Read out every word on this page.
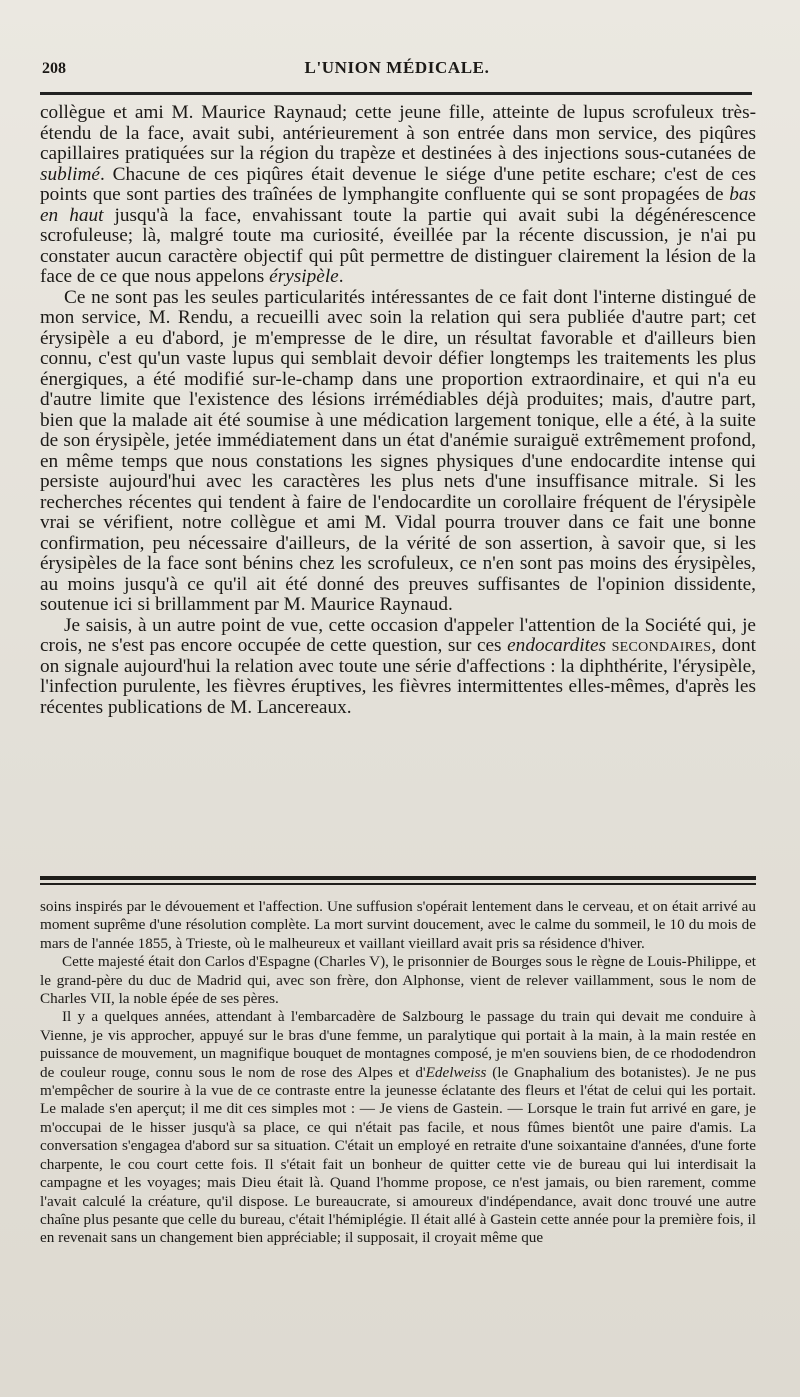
208	L'UNION MÉDICALE.

collègue et ami M. Maurice Raynaud; cette jeune fille, atteinte de lupus scrofuleux très-étendu de la face, avait subi, antérieurement à son entrée dans mon service, des piqûres capillaires pratiquées sur la région du trapèze et destinées à des injections sous-cutanées de sublimé. Chacune de ces piqûres était devenue le siége d'une petite eschare; c'est de ces points que sont parties des traînées de lymphangite confluente qui se sont propagées de bas en haut jusqu'à la face, envahissant toute la partie qui avait subi la dégénérescence scrofuleuse; là, malgré toute ma curiosité, éveillée par la récente discussion, je n'ai pu constater aucun caractère objectif qui pût permettre de distinguer clairement la lésion de la face de ce que nous appelons érysipèle.

Ce ne sont pas les seules particularités intéressantes de ce fait dont l'interne distingué de mon service, M. Rendu, a recueilli avec soin la relation qui sera publiée d'autre part; cet érysipèle a eu d'abord, je m'empresse de le dire, un résultat favorable et d'ailleurs bien connu, c'est qu'un vaste lupus qui semblait devoir défier longtemps les traitements les plus énergiques, a été modifié sur-le-champ dans une proportion extraordinaire, et qui n'a eu d'autre limite que l'existence des lésions irrémédiables déjà produites; mais, d'autre part, bien que la malade ait été soumise à une médication largement tonique, elle a été, à la suite de son érysipèle, jetée immédiatement dans un état d'anémie suraiguë extrêmement profond, en même temps que nous constations les signes physiques d'une endocardite intense qui persiste aujourd'hui avec les caractères les plus nets d'une insuffisance mitrale. Si les recherches récentes qui tendent à faire de l'endocardite un corollaire fréquent de l'érysipèle vrai se vérifient, notre collègue et ami M. Vidal pourra trouver dans ce fait une bonne confirmation, peu nécessaire d'ailleurs, de la vérité de son assertion, à savoir que, si les érysipèles de la face sont bénins chez les scrofuleux, ce n'en sont pas moins des érysipèles, au moins jusqu'à ce qu'il ait été donné des preuves suffisantes de l'opinion dissidente, soutenue ici si brillamment par M. Maurice Raynaud.

Je saisis, à un autre point de vue, cette occasion d'appeler l'attention de la Société qui, je crois, ne s'est pas encore occupée de cette question, sur ces endocardites secondaires, dont on signale aujourd'hui la relation avec toute une série d'affections : la diphthérite, l'érysipèle, l'infection purulente, les fièvres éruptives, les fièvres intermittentes elles-mêmes, d'après les récentes publications de M. Lancereaux.

soins inspirés par le dévouement et l'affection. Une suffusion s'opérait lentement dans le cerveau, et on était arrivé au moment suprême d'une résolution complète. La mort survint doucement, avec le calme du sommeil, le 10 du mois de mars de l'année 1855, à Trieste, où le malheureux et vaillant vieillard avait pris sa résidence d'hiver.

Cette majesté était don Carlos d'Espagne (Charles V), le prisonnier de Bourges sous le règne de Louis-Philippe, et le grand-père du duc de Madrid qui, avec son frère, don Alphonse, vient de relever vaillamment, sous le nom de Charles VII, la noble épée de ses pères.

Il y a quelques années, attendant à l'embarcadère de Salzbourg le passage du train qui devait me conduire à Vienne, je vis approcher, appuyé sur le bras d'une femme, un paralytique qui portait à la main, à la main restée en puissance de mouvement, un magnifique bouquet de montagnes composé, je m'en souviens bien, de ce rhododendron de couleur rouge, connu sous le nom de rose des Alpes et d'Edelweiss (le Gnaphalium des botanistes). Je ne pus m'empêcher de sourire à la vue de ce contraste entre la jeunesse éclatante des fleurs et l'état de celui qui les portait. Le malade s'en aperçut; il me dit ces simples mot : — Je viens de Gastein. — Lorsque le train fut arrivé en gare, je m'occupai de le hisser jusqu'à sa place, ce qui n'était pas facile, et nous fûmes bientôt une paire d'amis. La conversation s'engagea d'abord sur sa situation. C'était un employé en retraite d'une soixantaine d'années, d'une forte charpente, le cou court cette fois. Il s'était fait un bonheur de quitter cette vie de bureau qui lui interdisait la campagne et les voyages; mais Dieu était là. Quand l'homme propose, ce n'est jamais, ou bien rarement, comme l'avait calculé la créature, qu'il dispose. Le bureaucrate, si amoureux d'indépendance, avait donc trouvé une autre chaîne plus pesante que celle du bureau, c'était l'hémiplégie. Il était allé à Gastein cette année pour la première fois, il en revenait sans un changement bien appréciable; il supposait, il croyait même que
